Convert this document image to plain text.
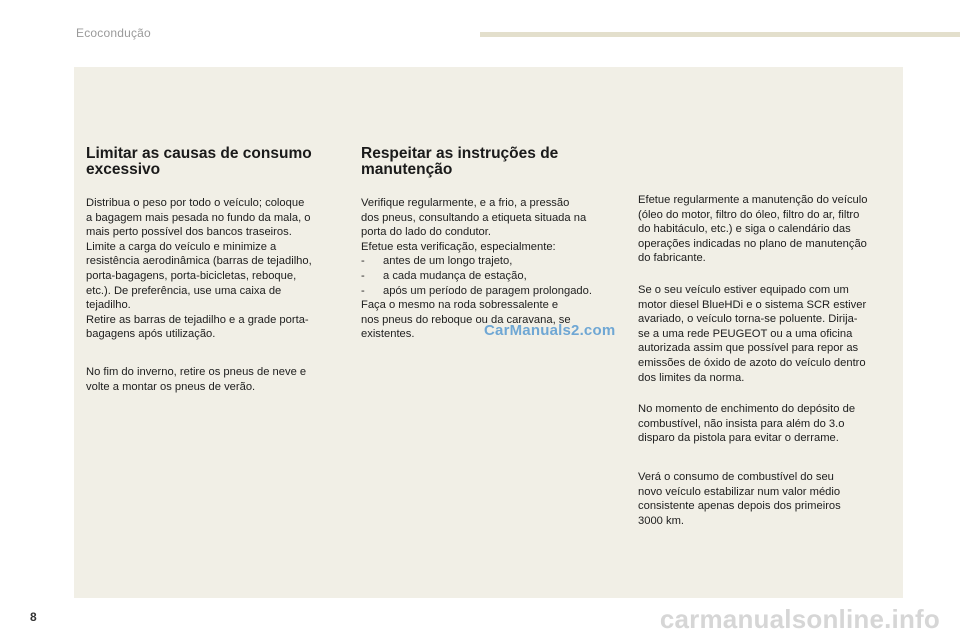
Ecocondução
Limitar as causas de consumo
excessivo

Distribua o peso por todo o veículo; coloque
a bagagem mais pesada no fundo da mala, o
mais perto possível dos bancos traseiros.
Limite a carga do veículo e minimize a
resistência aerodinâmica (barras de tejadilho,
porta-bagagens, porta-bicicletas, reboque,
etc.). De preferência, use uma caixa de
tejadilho.
Retire as barras de tejadilho e a grade porta-
bagagens após utilização.

No fim do inverno, retire os pneus de neve e
volte a montar os pneus de verão.

Respeitar as instruções de
manutenção

Verifique regularmente, e a frio, a pressão
dos pneus, consultando a etiqueta situada na
porta do lado do condutor.
Efetue esta verificação, especialmente:

-	antes de um longo trajeto,
-	a cada mudança de estação,
-	após um período de paragem prolongado.

Faça o mesmo na roda sobressalente e
nos pneus do reboque ou da caravana, se
existentes.

Efetue regularmente a manutenção do veículo
(óleo do motor, filtro do óleo, filtro do ar, filtro
do habitáculo, etc.) e siga o calendário das
operações indicadas no plano de manutenção
do fabricante.

Se o seu veículo estiver equipado com um
motor diesel BlueHDi e o sistema SCR estiver
avariado, o veículo torna-se poluente. Dirija-
se a uma rede PEUGEOT ou a uma oficina
autorizada assim que possível para repor as
emissões de óxido de azoto do veículo dentro
dos limites da norma.

No momento de enchimento do depósito de
combustível, não insista para além do 3.o
disparo da pistola para evitar o derrame.

Verá o consumo de combustível do seu
novo veículo estabilizar num valor médio
consistente apenas depois dos primeiros
3000 km.

CarManuals2.com
8	carmanualsonline.info
